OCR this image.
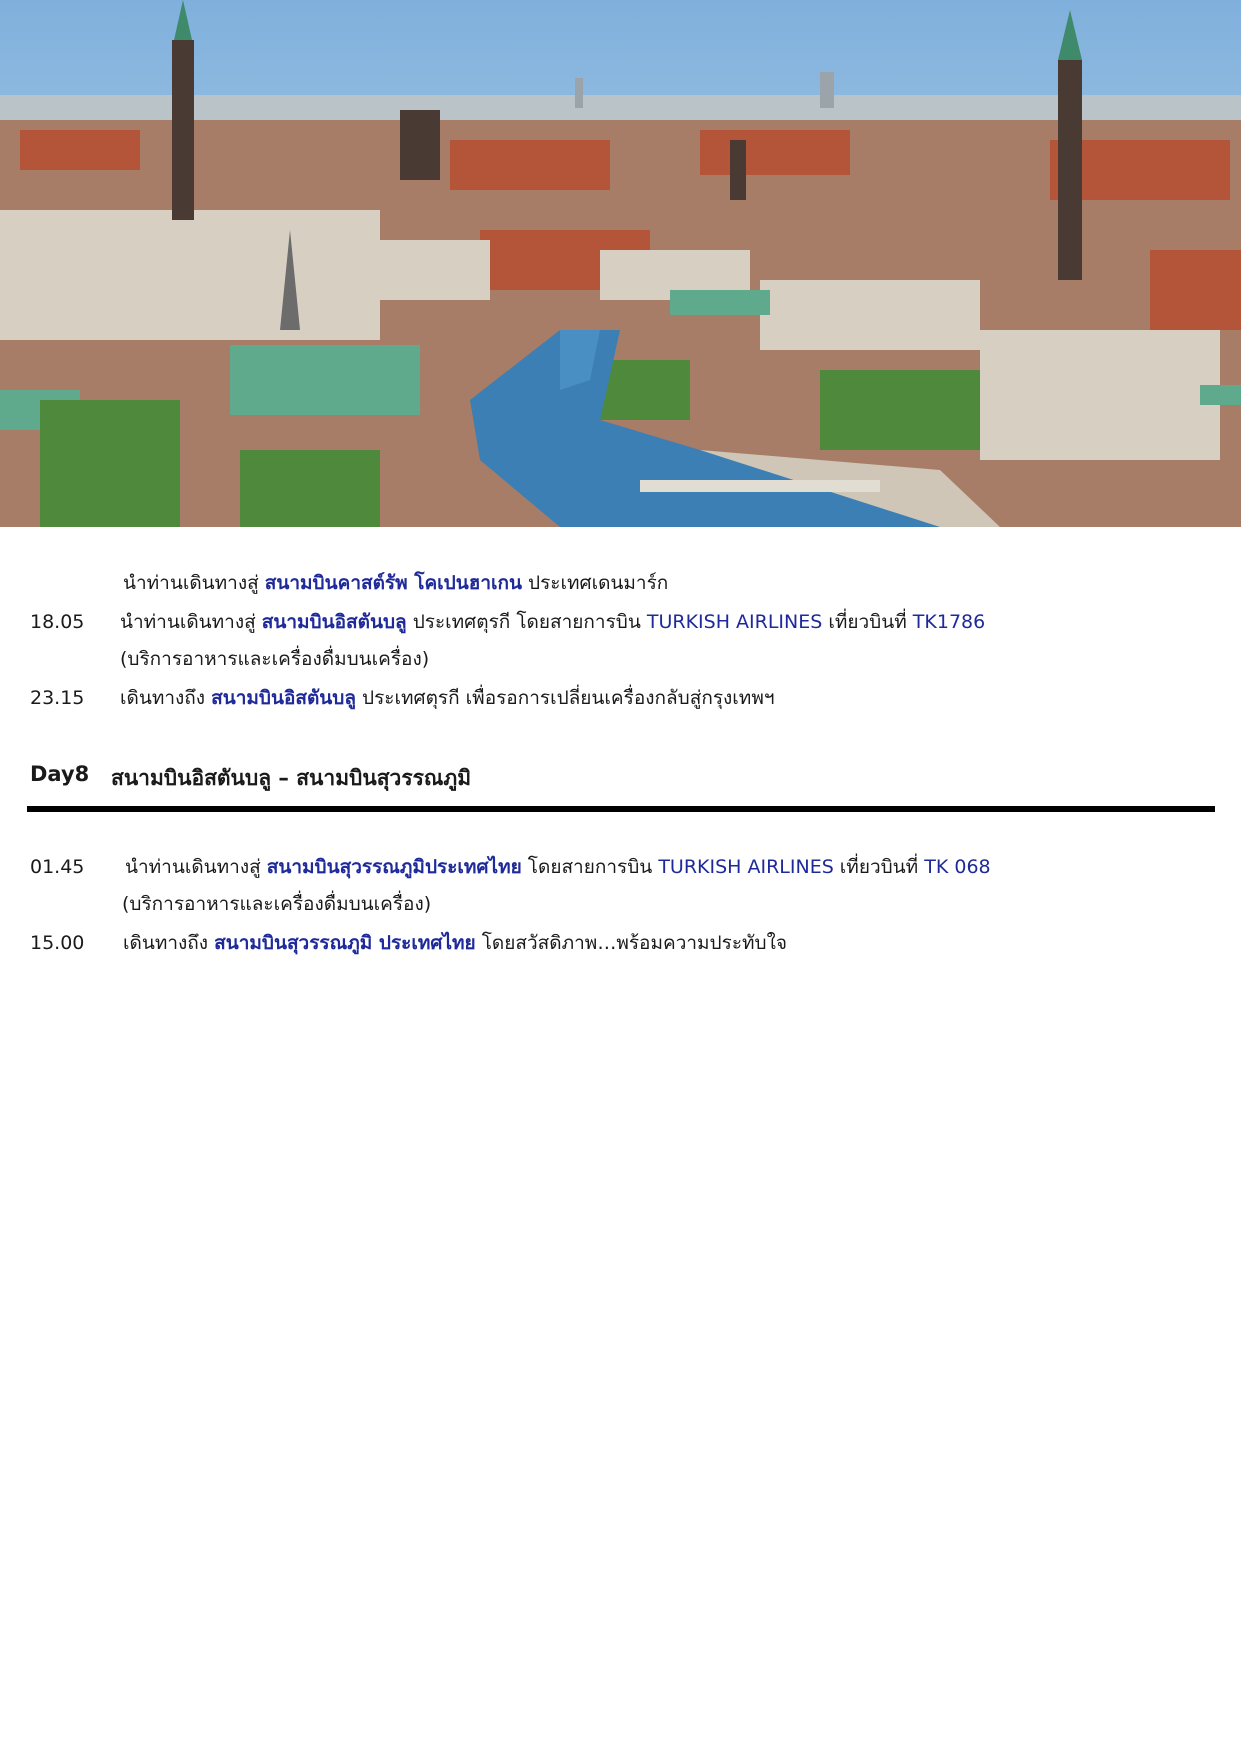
นำท่านเดินทางสู่ สนามบินคาสต์รัพ โคเปนฮาเกน ประเทศเดนมาร์ก
18.05	นำท่านเดินทางสู่ สนามบินอิสตันบลู ประเทศตุรกี โดยสายการบิน TURKISH AIRLINES เที่ยวบินที่ TK1786
(บริการอาหารและเครื่องดื่มบนเครื่อง)
23.15	เดินทางถึง สนามบินอิสตันบลู ประเทศตุรกี เพื่อรอการเปลี่ยนเครื่องกลับสู่กรุงเทพฯ
Day8 สนามบินอิสตันบลู – สนามบินสุวรรณภูมิ
01.45	นำท่านเดินทางสู่ สนามบินสุวรรณภูมิประเทศไทย โดยสายการบิน TURKISH AIRLINES เที่ยวบินที่ TK 068
(บริการอาหารและเครื่องดื่มบนเครื่อง)
15.00	เดินทางถึง สนามบินสุวรรณภูมิ ประเทศไทย โดยสวัสดิภาพ…พร้อมความประทับใจ
